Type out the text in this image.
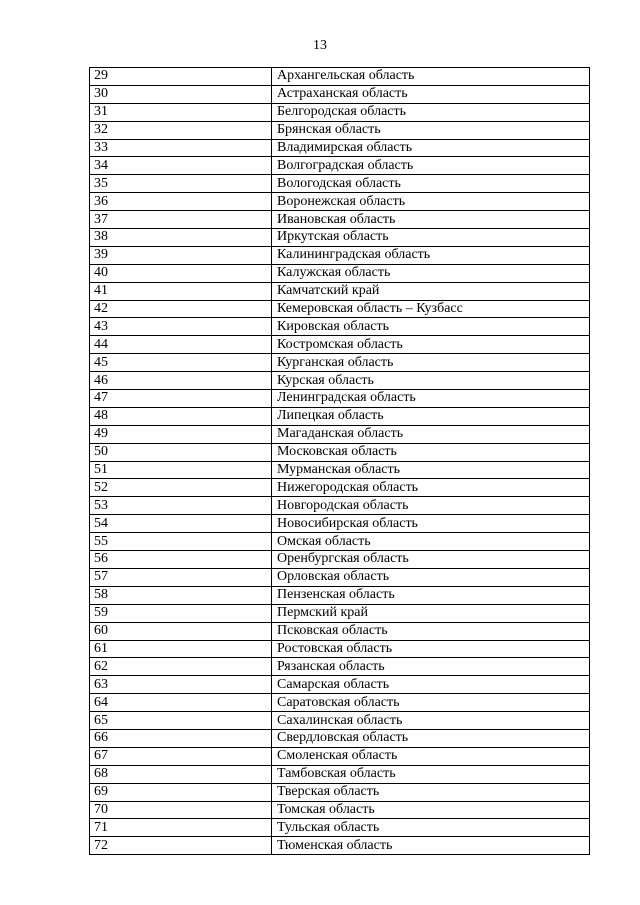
13
29	Архангельская область
30	Астраханская область
31	Белгородская область
32	Брянская область
33	Владимирская область
34	Волгоградская область
35	Вологодская область
36	Воронежская область
37	Ивановская область
38	Иркутская область
39	Калининградская область
40	Калужская область
41	Камчатский край
42	Кемеровская область – Кузбасс
43	Кировская область
44	Костромская область
45	Курганская область
46	Курская область
47	Ленинградская область
48	Липецкая область
49	Магаданская область
50	Московская область
51	Мурманская область
52	Нижегородская область
53	Новгородская область
54	Новосибирская область
55	Омская область
56	Оренбургская область
57	Орловская область
58	Пензенская область
59	Пермский край
60	Псковская область
61	Ростовская область
62	Рязанская область
63	Самарская область
64	Саратовская область
65	Сахалинская область
66	Свердловская область
67	Смоленская область
68	Тамбовская область
69	Тверская область
70	Томская область
71	Тульская область
72	Тюменская область
